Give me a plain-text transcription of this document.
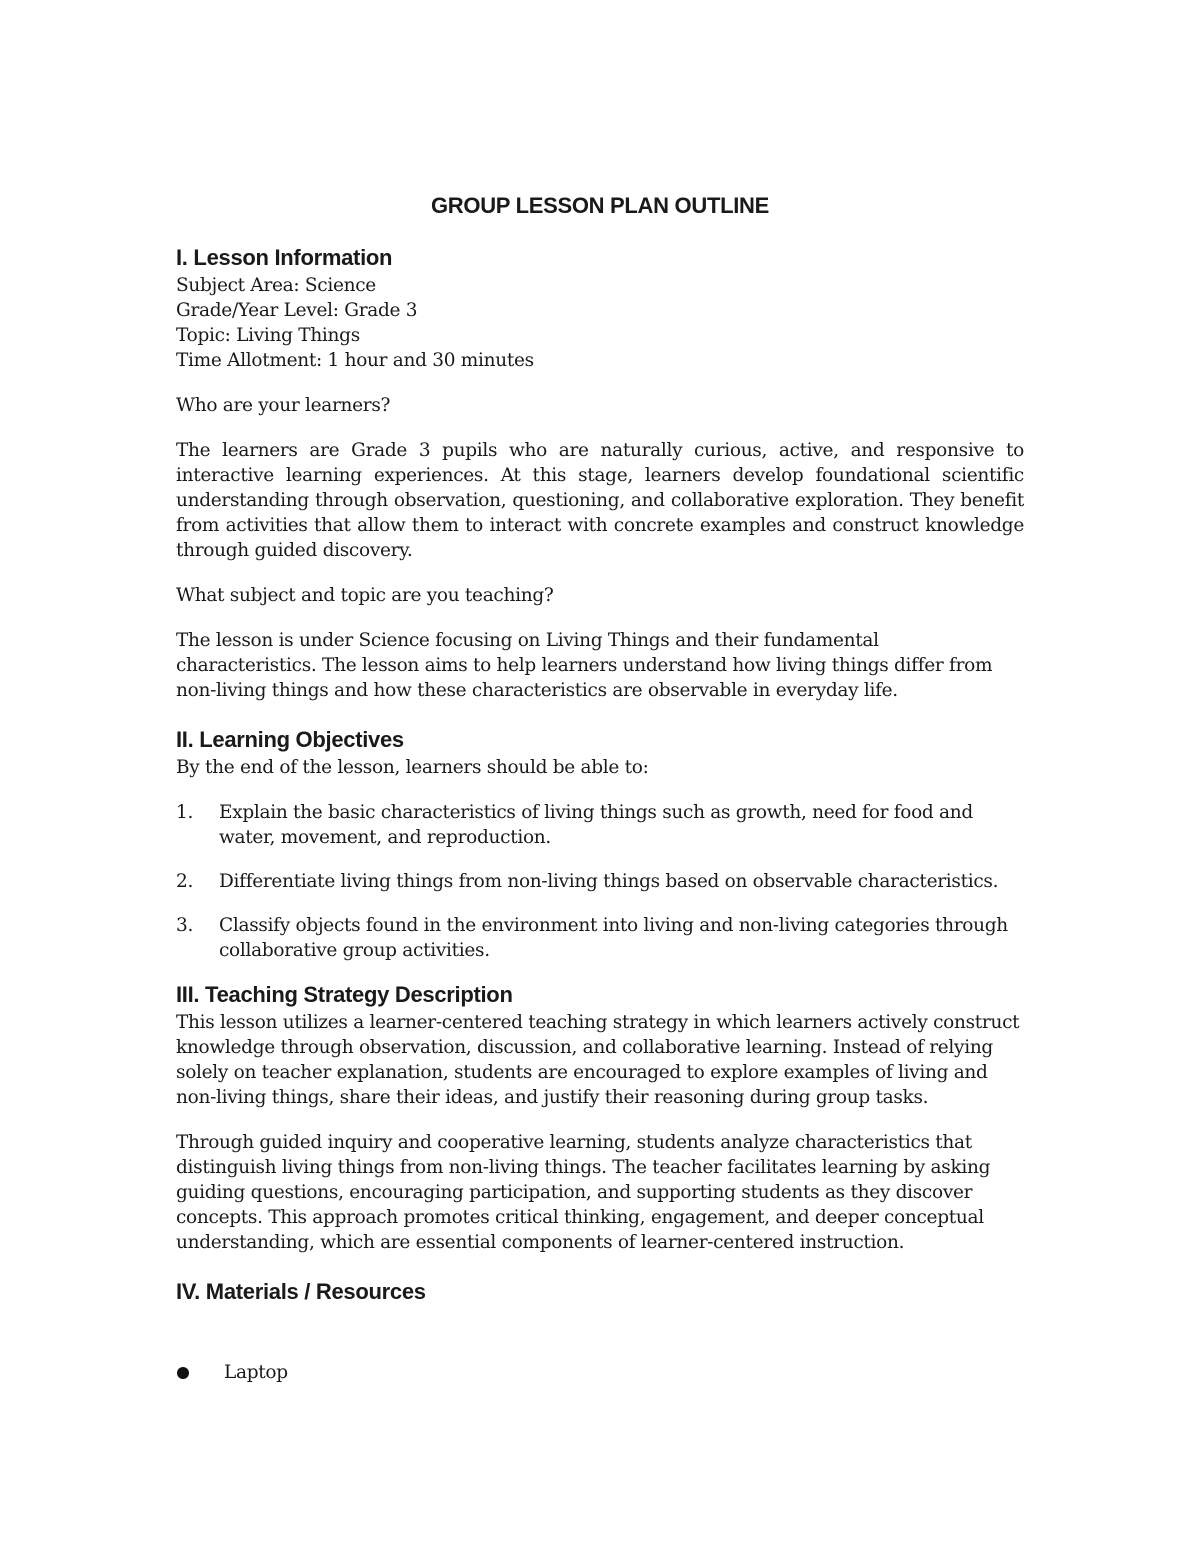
GROUP LESSON PLAN OUTLINE
I. Lesson Information
Subject Area: Science
Grade/Year Level: Grade 3
Topic: Living Things
Time Allotment: 1 hour and 30 minutes

Who are your learners?

The learners are Grade 3 pupils who are naturally curious, active, and responsive to interactive learning experiences. At this stage, learners develop foundational scientific understanding through observation, questioning, and collaborative exploration. They benefit from activities that allow them to interact with concrete examples and construct knowledge through guided discovery.

What subject and topic are you teaching?

The lesson is under Science focusing on Living Things and their fundamental characteristics. The lesson aims to help learners understand how living things differ from non-living things and how these characteristics are observable in everyday life.

II. Learning Objectives

By the end of the lesson, learners should be able to:

1. Explain the basic characteristics of living things such as growth, need for food and water, movement, and reproduction.
2. Differentiate living things from non-living things based on observable characteristics.
3. Classify objects found in the environment into living and non-living categories through collaborative group activities.
III. Teaching Strategy Description

This lesson utilizes a learner-centered teaching strategy in which learners actively construct knowledge through observation, discussion, and collaborative learning. Instead of relying solely on teacher explanation, students are encouraged to explore examples of living and non-living things, share their ideas, and justify their reasoning during group tasks.

Through guided inquiry and cooperative learning, students analyze characteristics that distinguish living things from non-living things. The teacher facilitates learning by asking guiding questions, encouraging participation, and supporting students as they discover concepts. This approach promotes critical thinking, engagement, and deeper conceptual understanding, which are essential components of learner-centered instruction.

IV. Materials / Resources
Laptop
